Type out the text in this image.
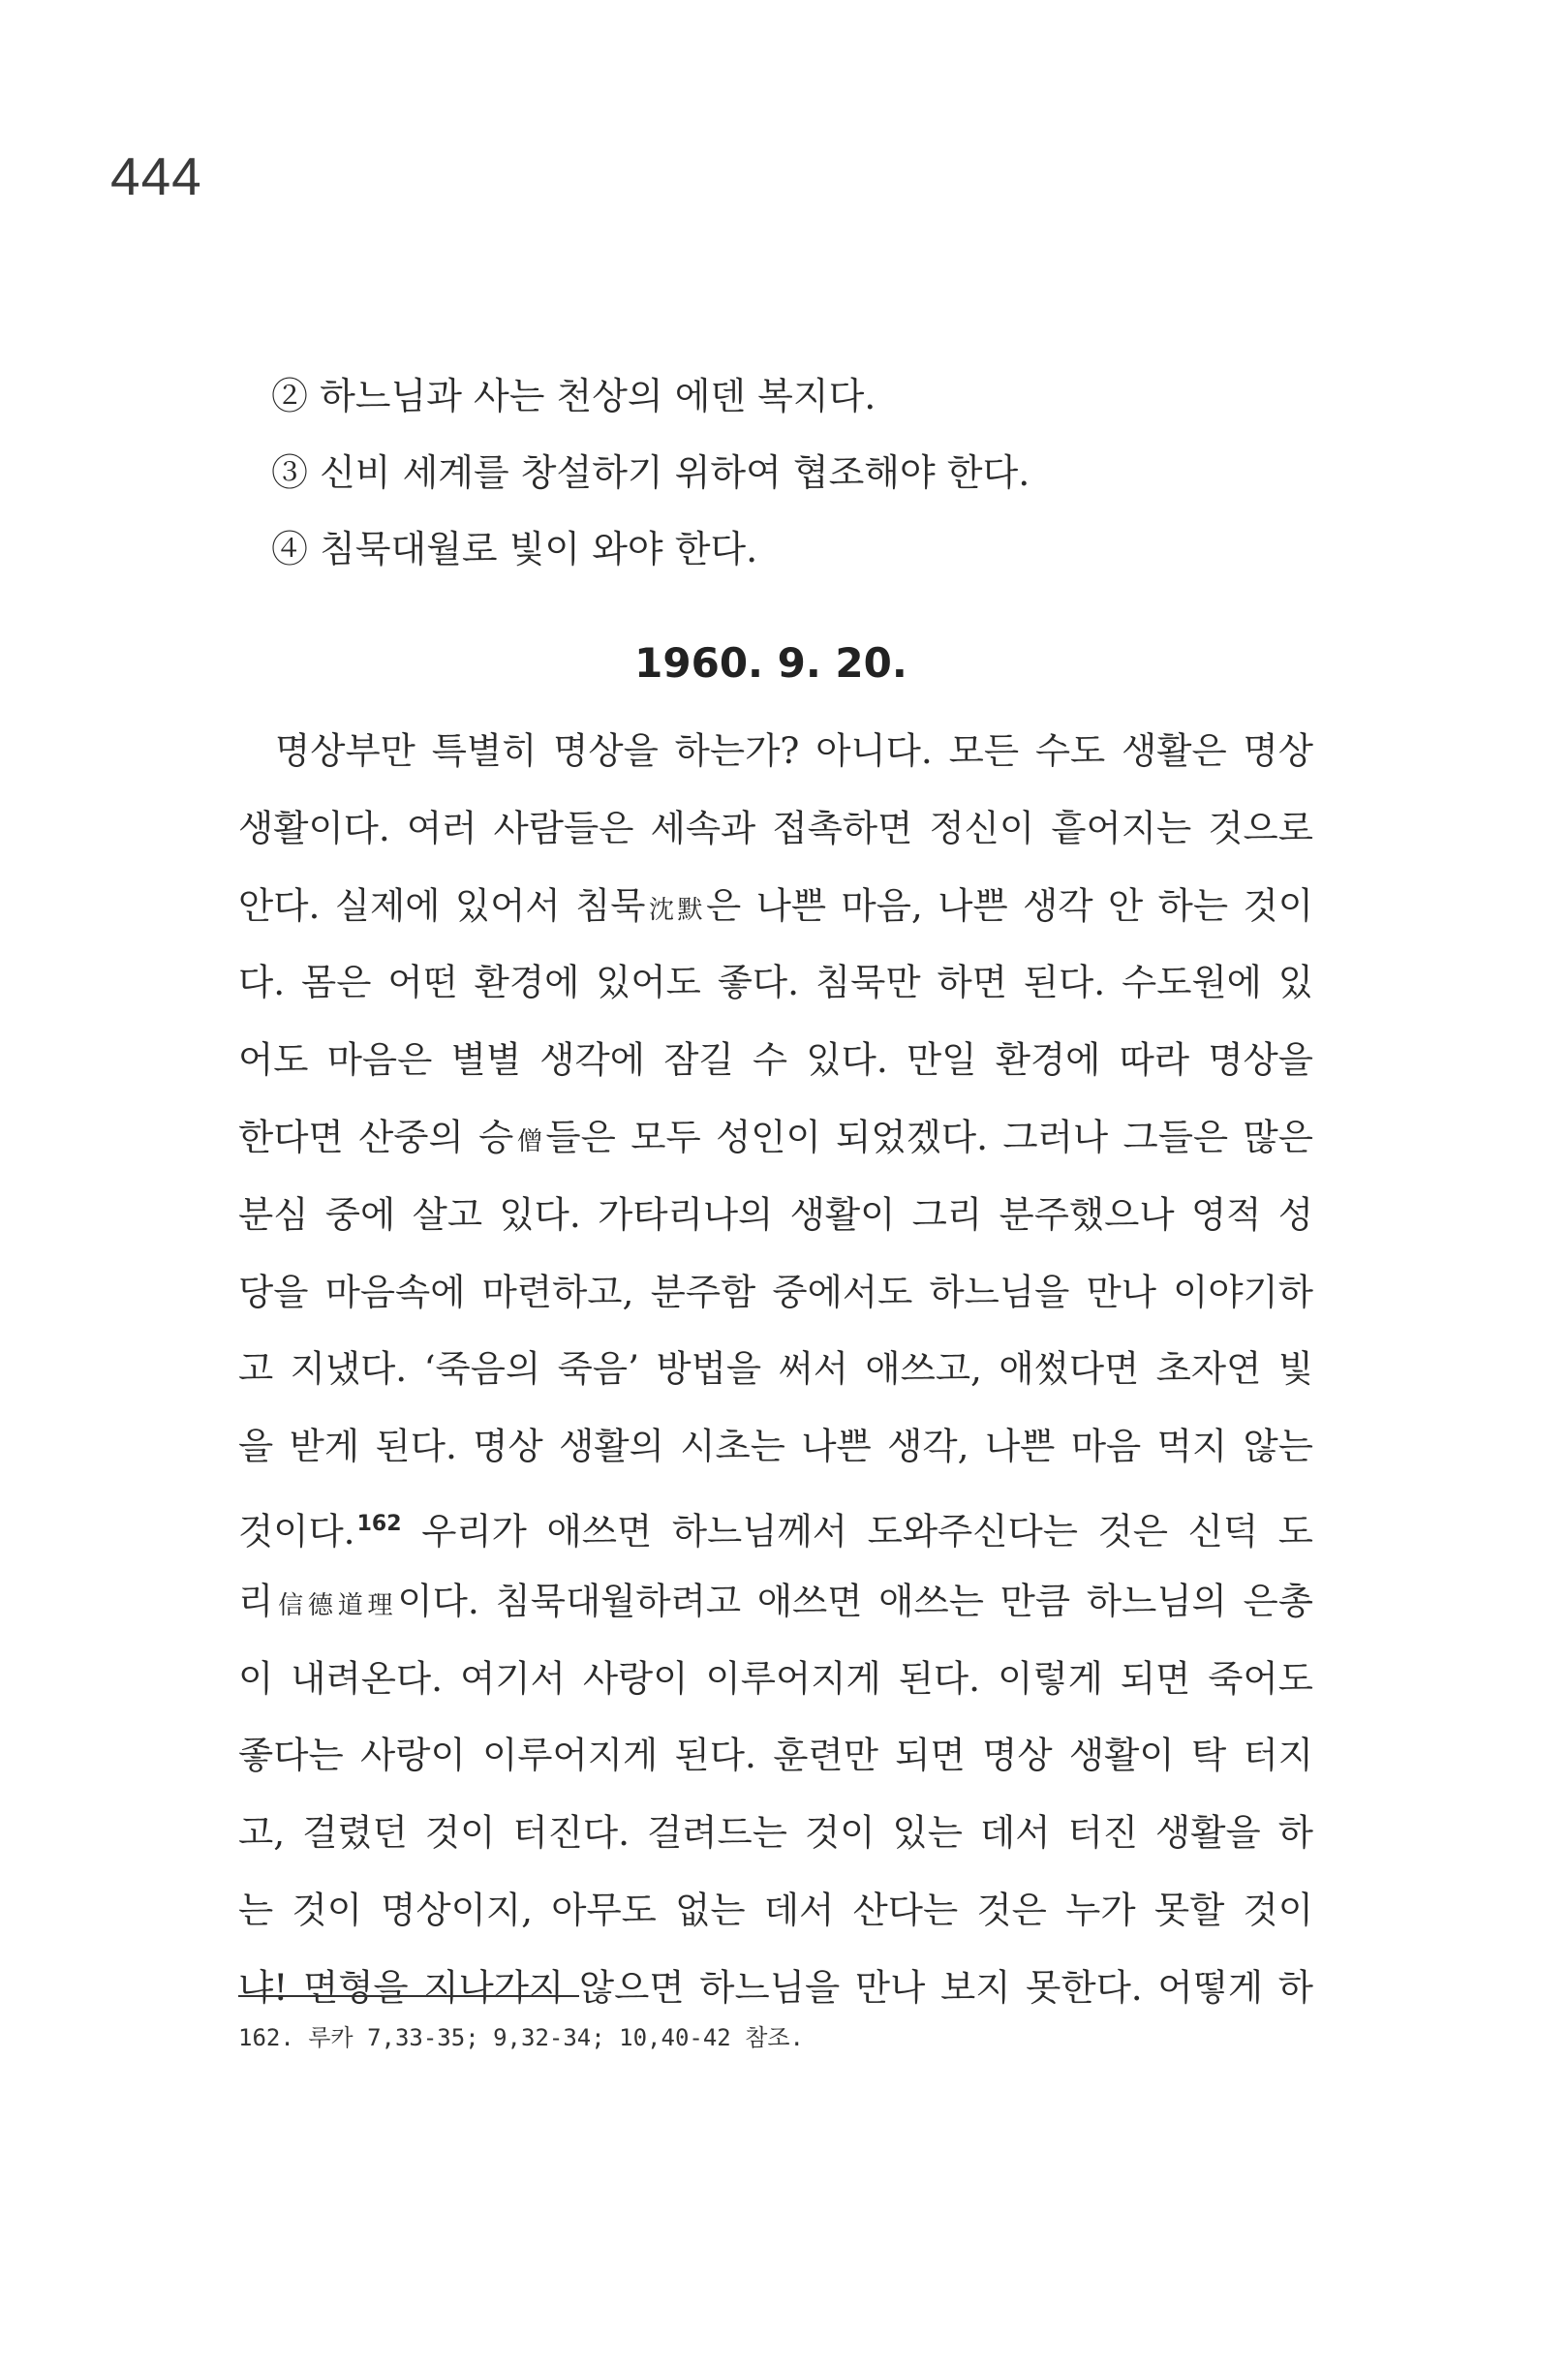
444
② 하느님과 사는 천상의 에덴 복지다.
③ 신비 세계를 창설하기 위하여 협조해야 한다.
④ 침묵대월로 빛이 와야 한다.
1960. 9. 20.
명상부만 특별히 명상을 하는가? 아니다. 모든 수도 생활은 명상
생활이다. 여러 사람들은 세속과 접촉하면 정신이 흩어지는 것으로
안다. 실제에 있어서 침묵沈默은 나쁜 마음, 나쁜 생각 안 하는 것이
다. 몸은 어떤 환경에 있어도 좋다. 침묵만 하면 된다. 수도원에 있
어도 마음은 별별 생각에 잠길 수 있다. 만일 환경에 따라 명상을
한다면 산중의 승僧들은 모두 성인이 되었겠다. 그러나 그들은 많은
분심 중에 살고 있다. 가타리나의 생활이 그리 분주했으나 영적 성
당을 마음속에 마련하고, 분주함 중에서도 하느님을 만나 이야기하
고 지냈다. ‘죽음의 죽음’ 방법을 써서 애쓰고, 애썼다면 초자연 빛
을 받게 된다. 명상 생활의 시초는 나쁜 생각, 나쁜 마음 먹지 않는
것이다.$^{162}$ 우리가 애쓰면 하느님께서 도와주신다는 것은 신덕 도
리信德道理이다. 침묵대월하려고 애쓰면 애쓰는 만큼 하느님의 은총
이 내려온다. 여기서 사랑이 이루어지게 된다. 이렇게 되면 죽어도
좋다는 사랑이 이루어지게 된다. 훈련만 되면 명상 생활이 탁 터지
고, 걸렸던 것이 터진다. 걸려드는 것이 있는 데서 터진 생활을 하
는 것이 명상이지, 아무도 없는 데서 산다는 것은 누가 못할 것이
냐! 면형을 지나가지 않으면 하느님을 만나 보지 못한다. 어떻게 하
162. 루카 7,33-35; 9,32-34; 10,40-42 참조.
